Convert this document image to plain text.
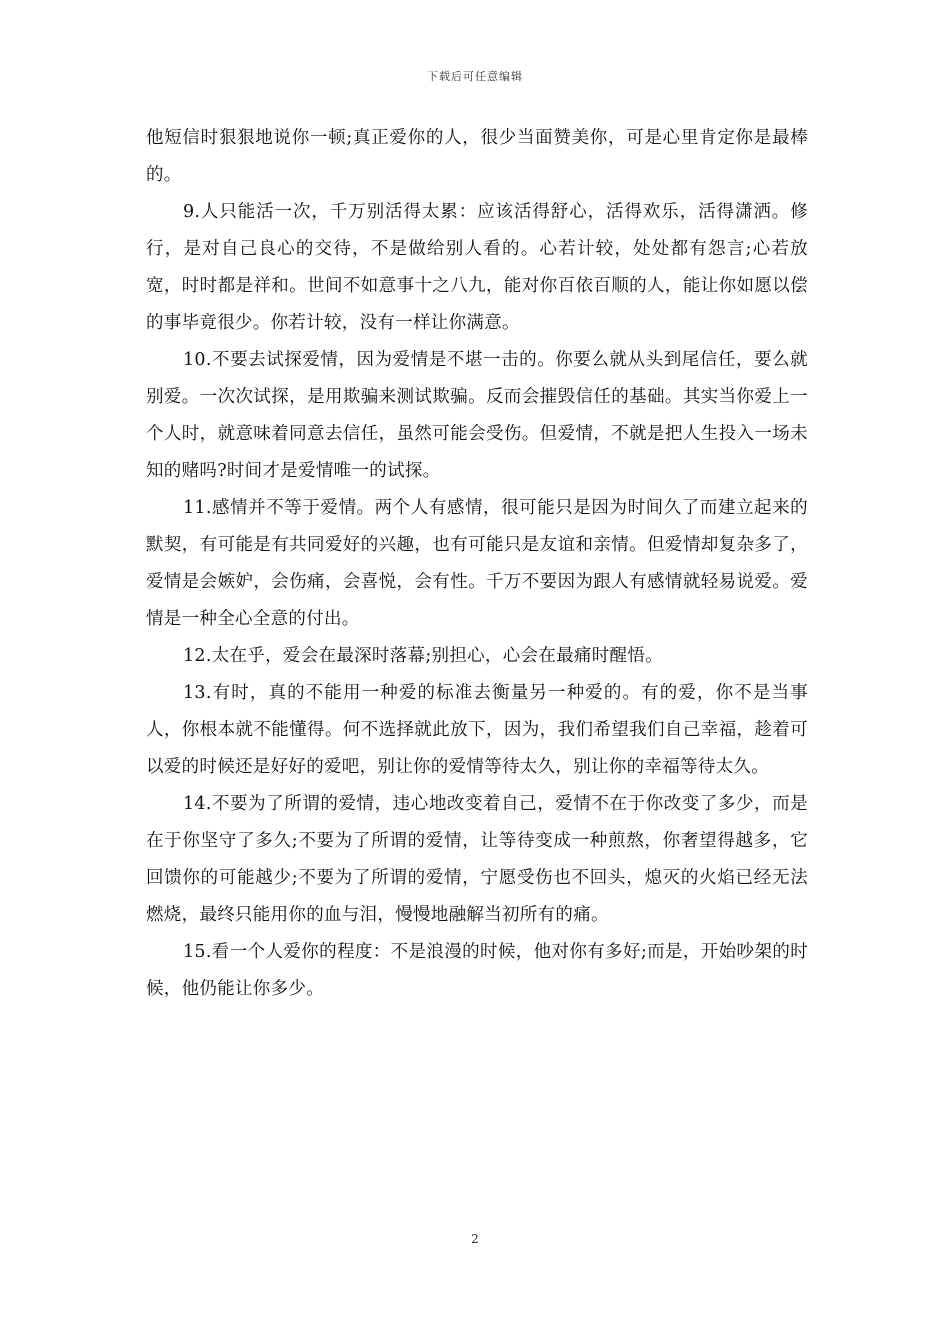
下载后可任意编辑

他短信时狠狠地说你一顿;真正爱你的人，很少当面赞美你，可是心里肯定你是最棒的。

9.人只能活一次，千万别活得太累：应该活得舒心，活得欢乐，活得潇洒。修行，是对自己良心的交待，不是做给别人看的。心若计较，处处都有怨言;心若放宽，时时都是祥和。世间不如意事十之八九，能对你百依百顺的人，能让你如愿以偿的事毕竟很少。你若计较，没有一样让你满意。

10.不要去试探爱情，因为爱情是不堪一击的。你要么就从头到尾信任，要么就别爱。一次次试探，是用欺骗来测试欺骗。反而会摧毁信任的基础。其实当你爱上一个人时，就意味着同意去信任，虽然可能会受伤。但爱情，不就是把人生投入一场未知的赌吗?时间才是爱情唯一的试探。

11.感情并不等于爱情。两个人有感情，很可能只是因为时间久了而建立起来的默契，有可能是有共同爱好的兴趣，也有可能只是友谊和亲情。但爱情却复杂多了，爱情是会嫉妒，会伤痛，会喜悦，会有性。千万不要因为跟人有感情就轻易说爱。爱情是一种全心全意的付出。

12.太在乎，爱会在最深时落幕;别担心，心会在最痛时醒悟。

13.有时，真的不能用一种爱的标准去衡量另一种爱的。有的爱，你不是当事人，你根本就不能懂得。何不选择就此放下，因为，我们希望我们自己幸福，趁着可以爱的时候还是好好的爱吧，别让你的爱情等待太久，别让你的幸福等待太久。

14.不要为了所谓的爱情，违心地改变着自己，爱情不在于你改变了多少，而是在于你坚守了多久;不要为了所谓的爱情，让等待变成一种煎熬，你奢望得越多，它回馈你的可能越少;不要为了所谓的爱情，宁愿受伤也不回头，熄灭的火焰已经无法燃烧，最终只能用你的血与泪，慢慢地融解当初所有的痛。

15.看一个人爱你的程度：不是浪漫的时候，他对你有多好;而是，开始吵架的时候，他仍能让你多少。

2
